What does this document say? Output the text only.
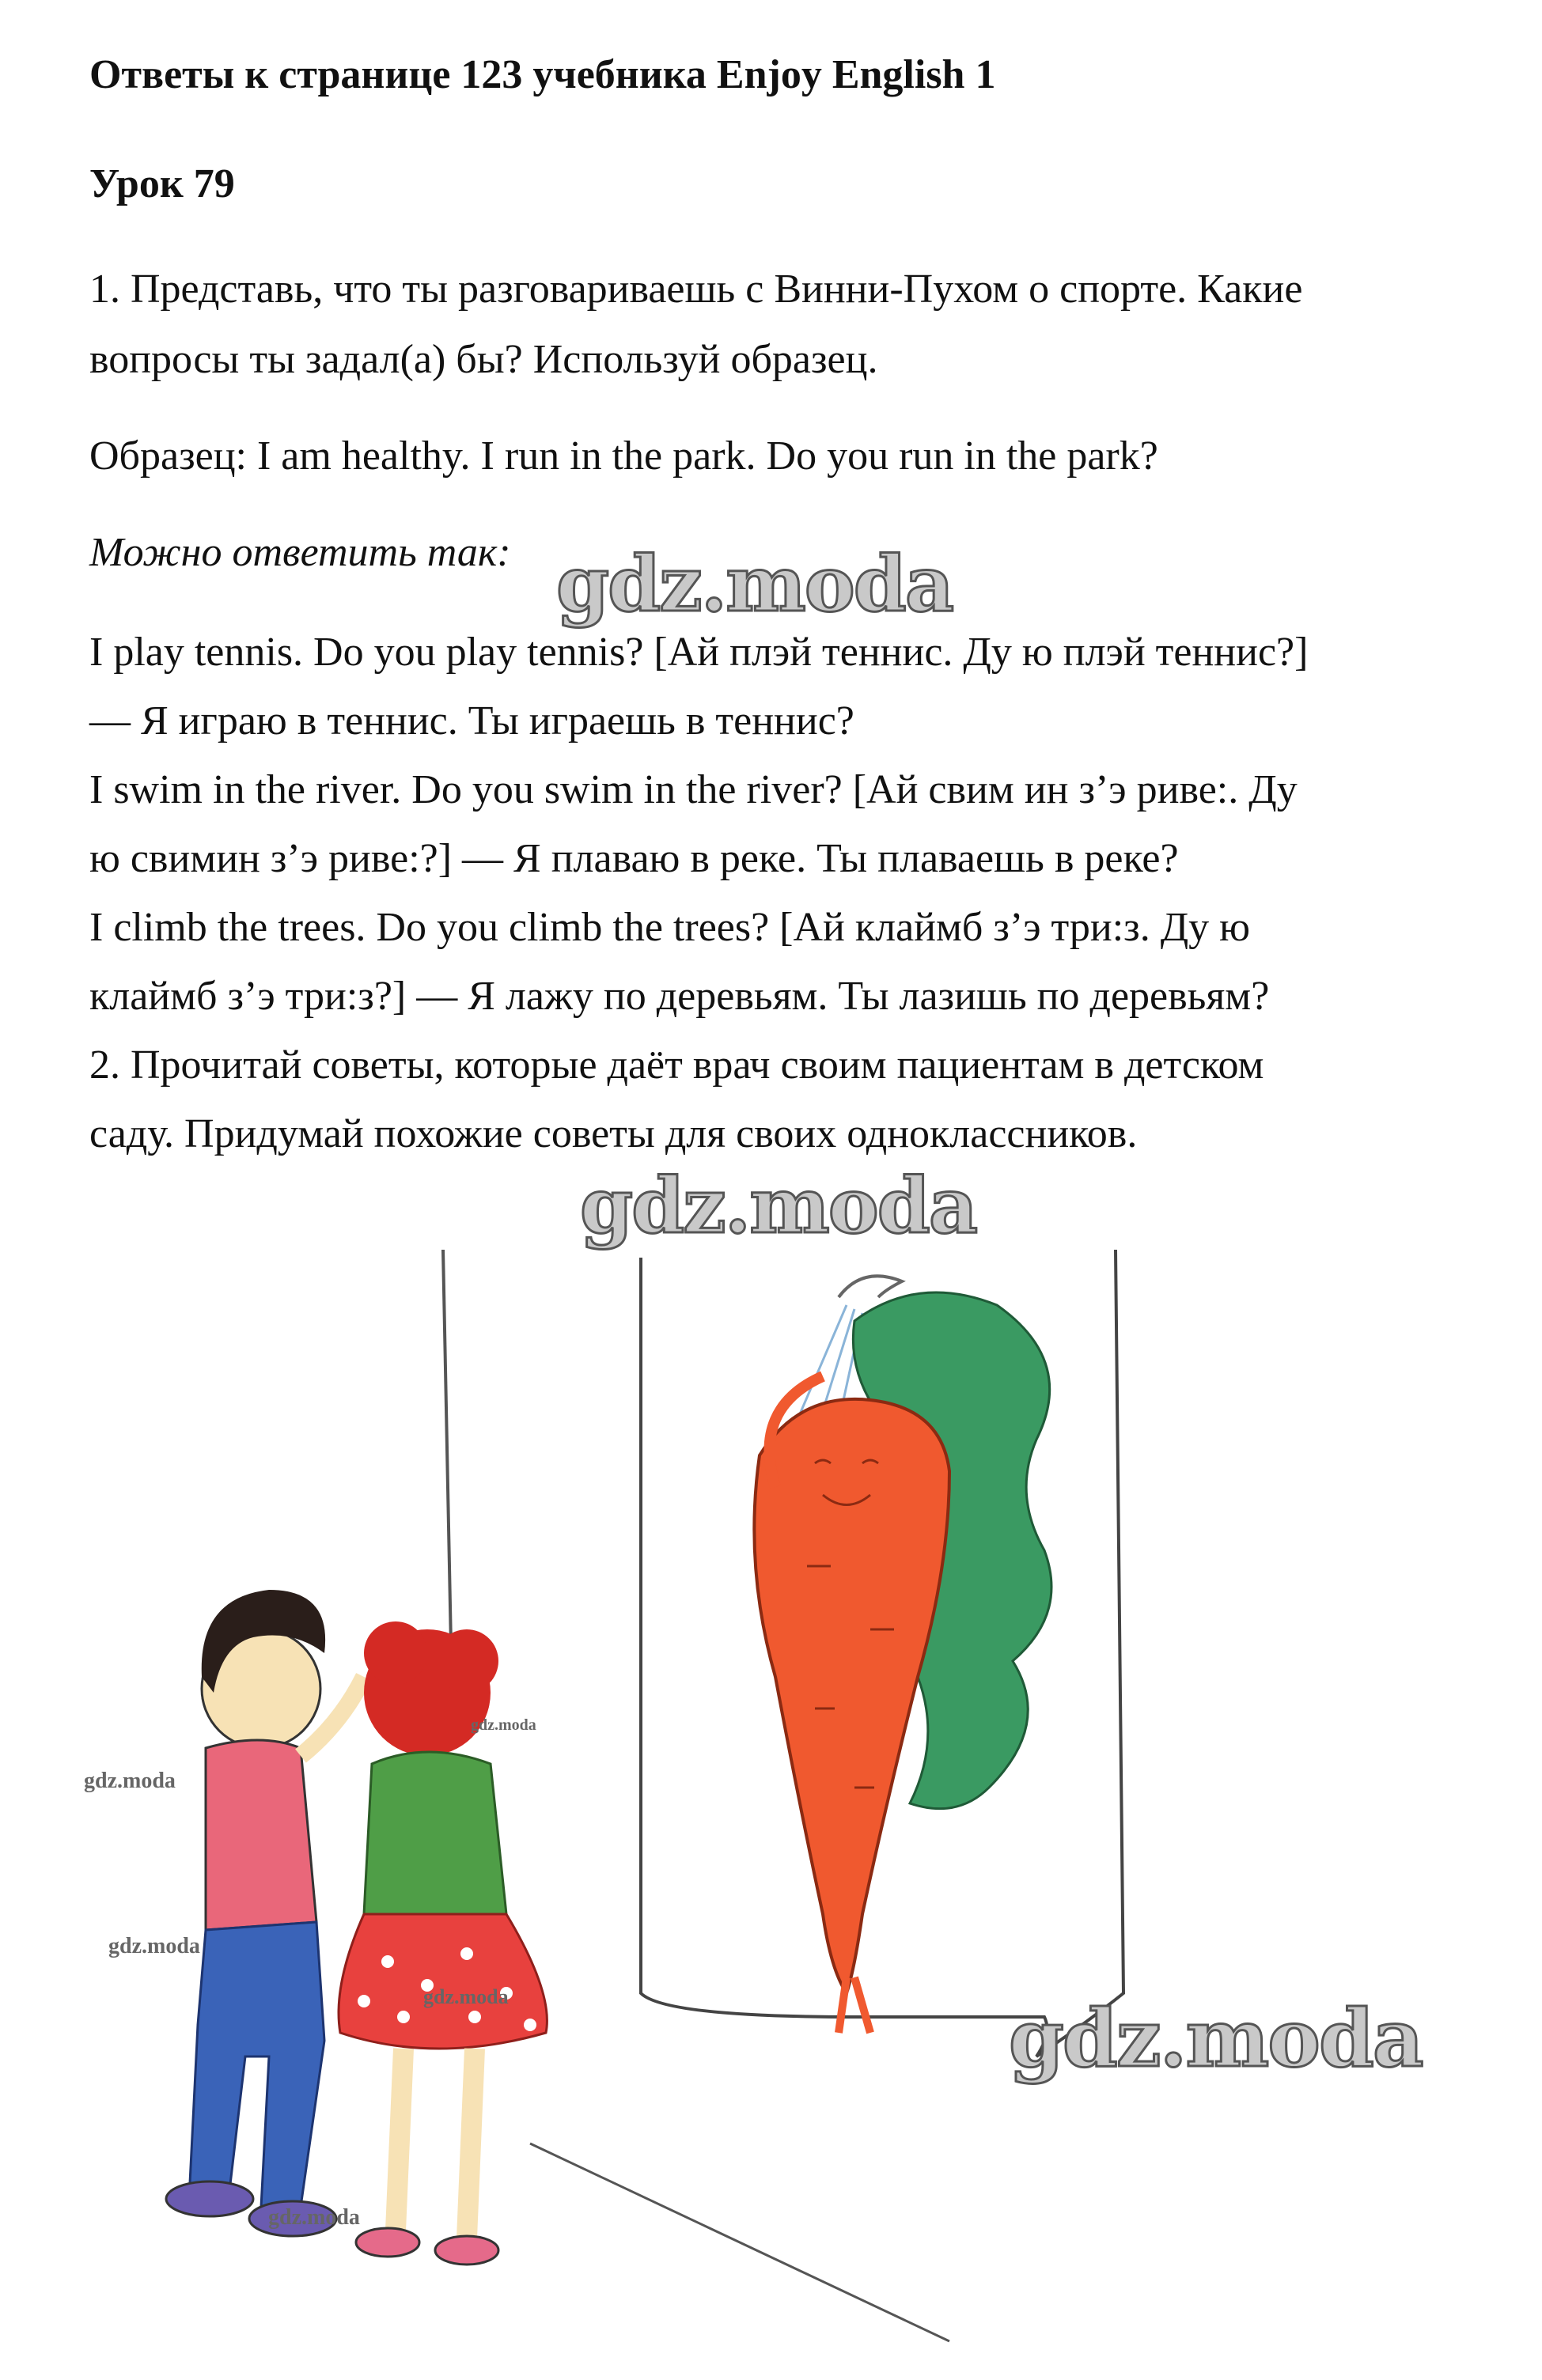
Ответы к странице 123 учебника Enjoy English 1
Урок 79
1. Представь, что ты разговариваешь с Винни-Пухом о спорте. Какие
вопросы ты задал(а) бы? Используй образец.
Образец: I am healthy. I run in the park. Do you run in the park?
Можно ответить так:
I play tennis. Do you play tennis? [Ай плэй теннис. Ду ю плэй теннис?]
— Я играю в теннис. Ты играешь в теннис?
I swim in the river. Do you swim in the river? [Ай свим ин з’э риве:. Ду
ю свимин з’э риве:?] — Я плаваю в реке. Ты плаваешь в реке?
I climb the trees. Do you climb the trees? [Ай клаймб з’э три:з. Ду ю
клаймб з’э три:з?] — Я лажу по деревьям. Ты лазишь по деревьям?
2. Прочитай советы, которые даёт врач своим пациентам в детском
саду. Придумай похожие советы для своих одноклассников.
gdz.moda
gdz.moda
gdz.moda
gdz.moda
gdz.moda
gdz.moda
gdz.moda
gdz.moda
